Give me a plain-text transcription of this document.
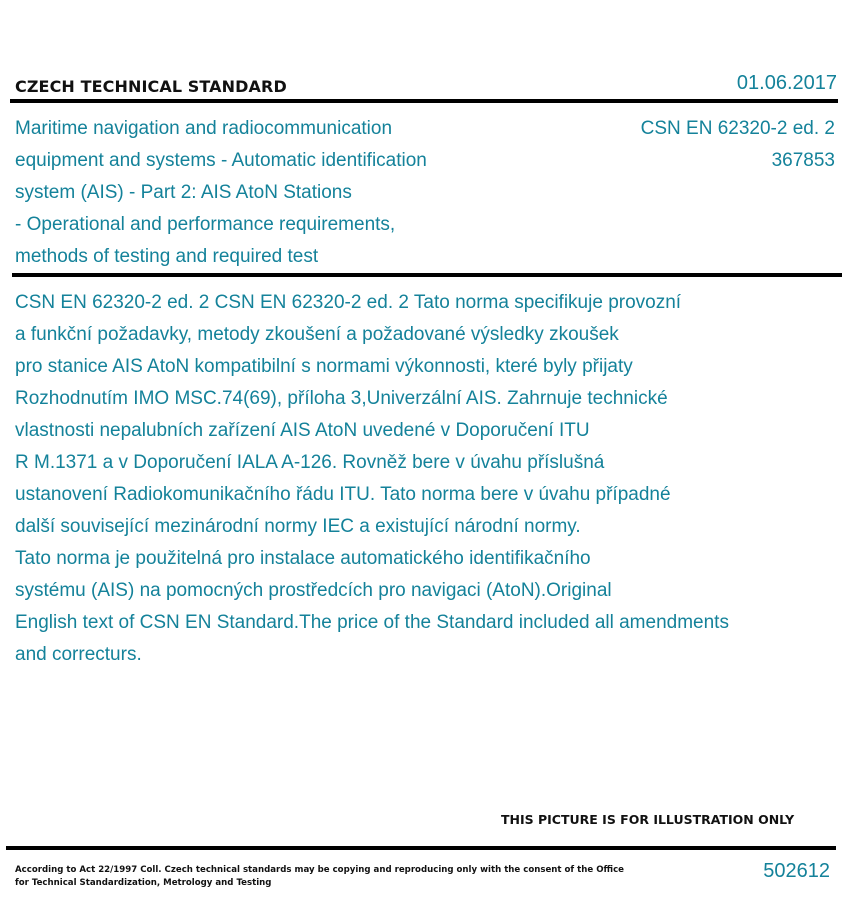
CZECH TECHNICAL STANDARD	01.06.2017
Maritime navigation and radiocommunication
equipment and systems - Automatic identification
system (AIS) - Part 2: AIS AtoN Stations
- Operational and performance requirements,
methods of testing and required test
CSN EN 62320-2 ed. 2
367853
CSN EN 62320-2 ed. 2 CSN EN 62320-2 ed. 2 Tato norma specifikuje provozní
a funkční požadavky, metody zkoušení a požadované výsledky zkoušek
pro stanice AIS AtoN kompatibilní s normami výkonnosti, které byly přijaty
Rozhodnutím IMO MSC.74(69), příloha 3,Univerzální AIS. Zahrnuje technické
vlastnosti nepalubních zařízení AIS AtoN uvedené v Doporučení ITU
R M.1371 a v Doporučení IALA A-126. Rovněž bere v úvahu příslušná
ustanovení Radiokomunikačního řádu ITU. Tato norma bere v úvahu případné
další související mezinárodní normy IEC a existující národní normy.
Tato norma je použitelná pro instalace automatického identifikačního
systému (AIS) na pomocných prostředcích pro navigaci (AtoN).Original
English text of CSN EN Standard.The price of the Standard included all amendments
and correcturs.
THIS PICTURE IS FOR ILLUSTRATION ONLY
According to Act 22/1997 Coll. Czech technical standards may be copying and reproducing only with the consent of the Office
for Technical Standardization, Metrology and Testing
502612
